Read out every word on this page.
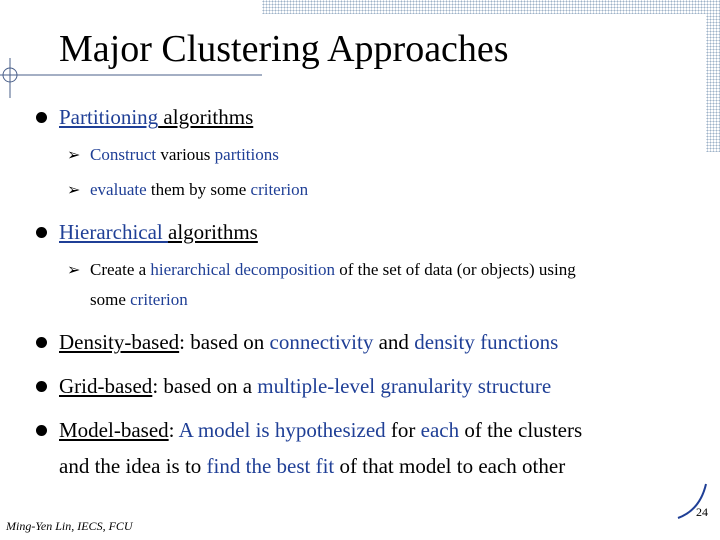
Major Clustering Approaches
Partitioning algorithms
➢ Construct various partitions
➢ evaluate them by some criterion
Hierarchical algorithms
➢ Create a hierarchical decomposition of the set of data (or objects) using
some criterion
Density-based: based on connectivity and density functions
Grid-based: based on a multiple-level granularity structure
Model-based: A model is hypothesized for each of the clusters
and the idea is to find the best fit of that model to each other
24
Ming-Yen Lin, IECS, FCU
